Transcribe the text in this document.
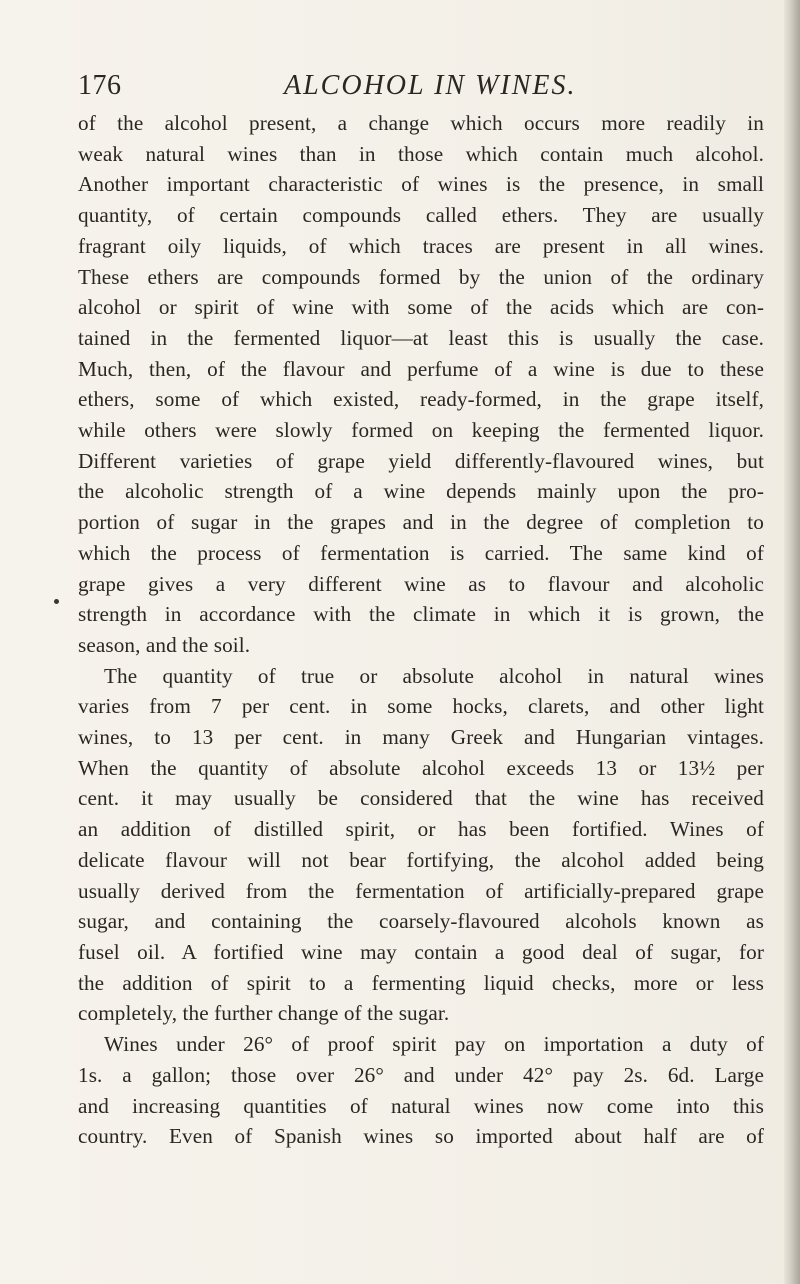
176	ALCOHOL IN WINES.
of the alcohol present, a change which occurs more readily in
weak natural wines than in those which contain much alcohol.
Another important characteristic of wines is the presence, in small
quantity, of certain compounds called ethers. They are usually
fragrant oily liquids, of which traces are present in all wines.
These ethers are compounds formed by the union of the ordinary
alcohol or spirit of wine with some of the acids which are con-
tained in the fermented liquor—at least this is usually the case.
Much, then, of the flavour and perfume of a wine is due to these
ethers, some of which existed, ready-formed, in the grape itself,
while others were slowly formed on keeping the fermented liquor.
Different varieties of grape yield differently-flavoured wines, but
the alcoholic strength of a wine depends mainly upon the pro-
portion of sugar in the grapes and in the degree of completion to
which the process of fermentation is carried. The same kind of
grape gives a very different wine as to flavour and alcoholic
strength in accordance with the climate in which it is grown, the
season, and the soil.
The quantity of true or absolute alcohol in natural wines
varies from 7 per cent. in some hocks, clarets, and other light
wines, to 13 per cent. in many Greek and Hungarian vintages.
When the quantity of absolute alcohol exceeds 13 or 13½ per
cent. it may usually be considered that the wine has received
an addition of distilled spirit, or has been fortified. Wines of
delicate flavour will not bear fortifying, the alcohol added being
usually derived from the fermentation of artificially-prepared grape
sugar, and containing the coarsely-flavoured alcohols known as
fusel oil. A fortified wine may contain a good deal of sugar, for
the addition of spirit to a fermenting liquid checks, more or less
completely, the further change of the sugar.
Wines under 26° of proof spirit pay on importation a duty of
1s. a gallon; those over 26° and under 42° pay 2s. 6d. Large
and increasing quantities of natural wines now come into this
country. Even of Spanish wines so imported about half are of
